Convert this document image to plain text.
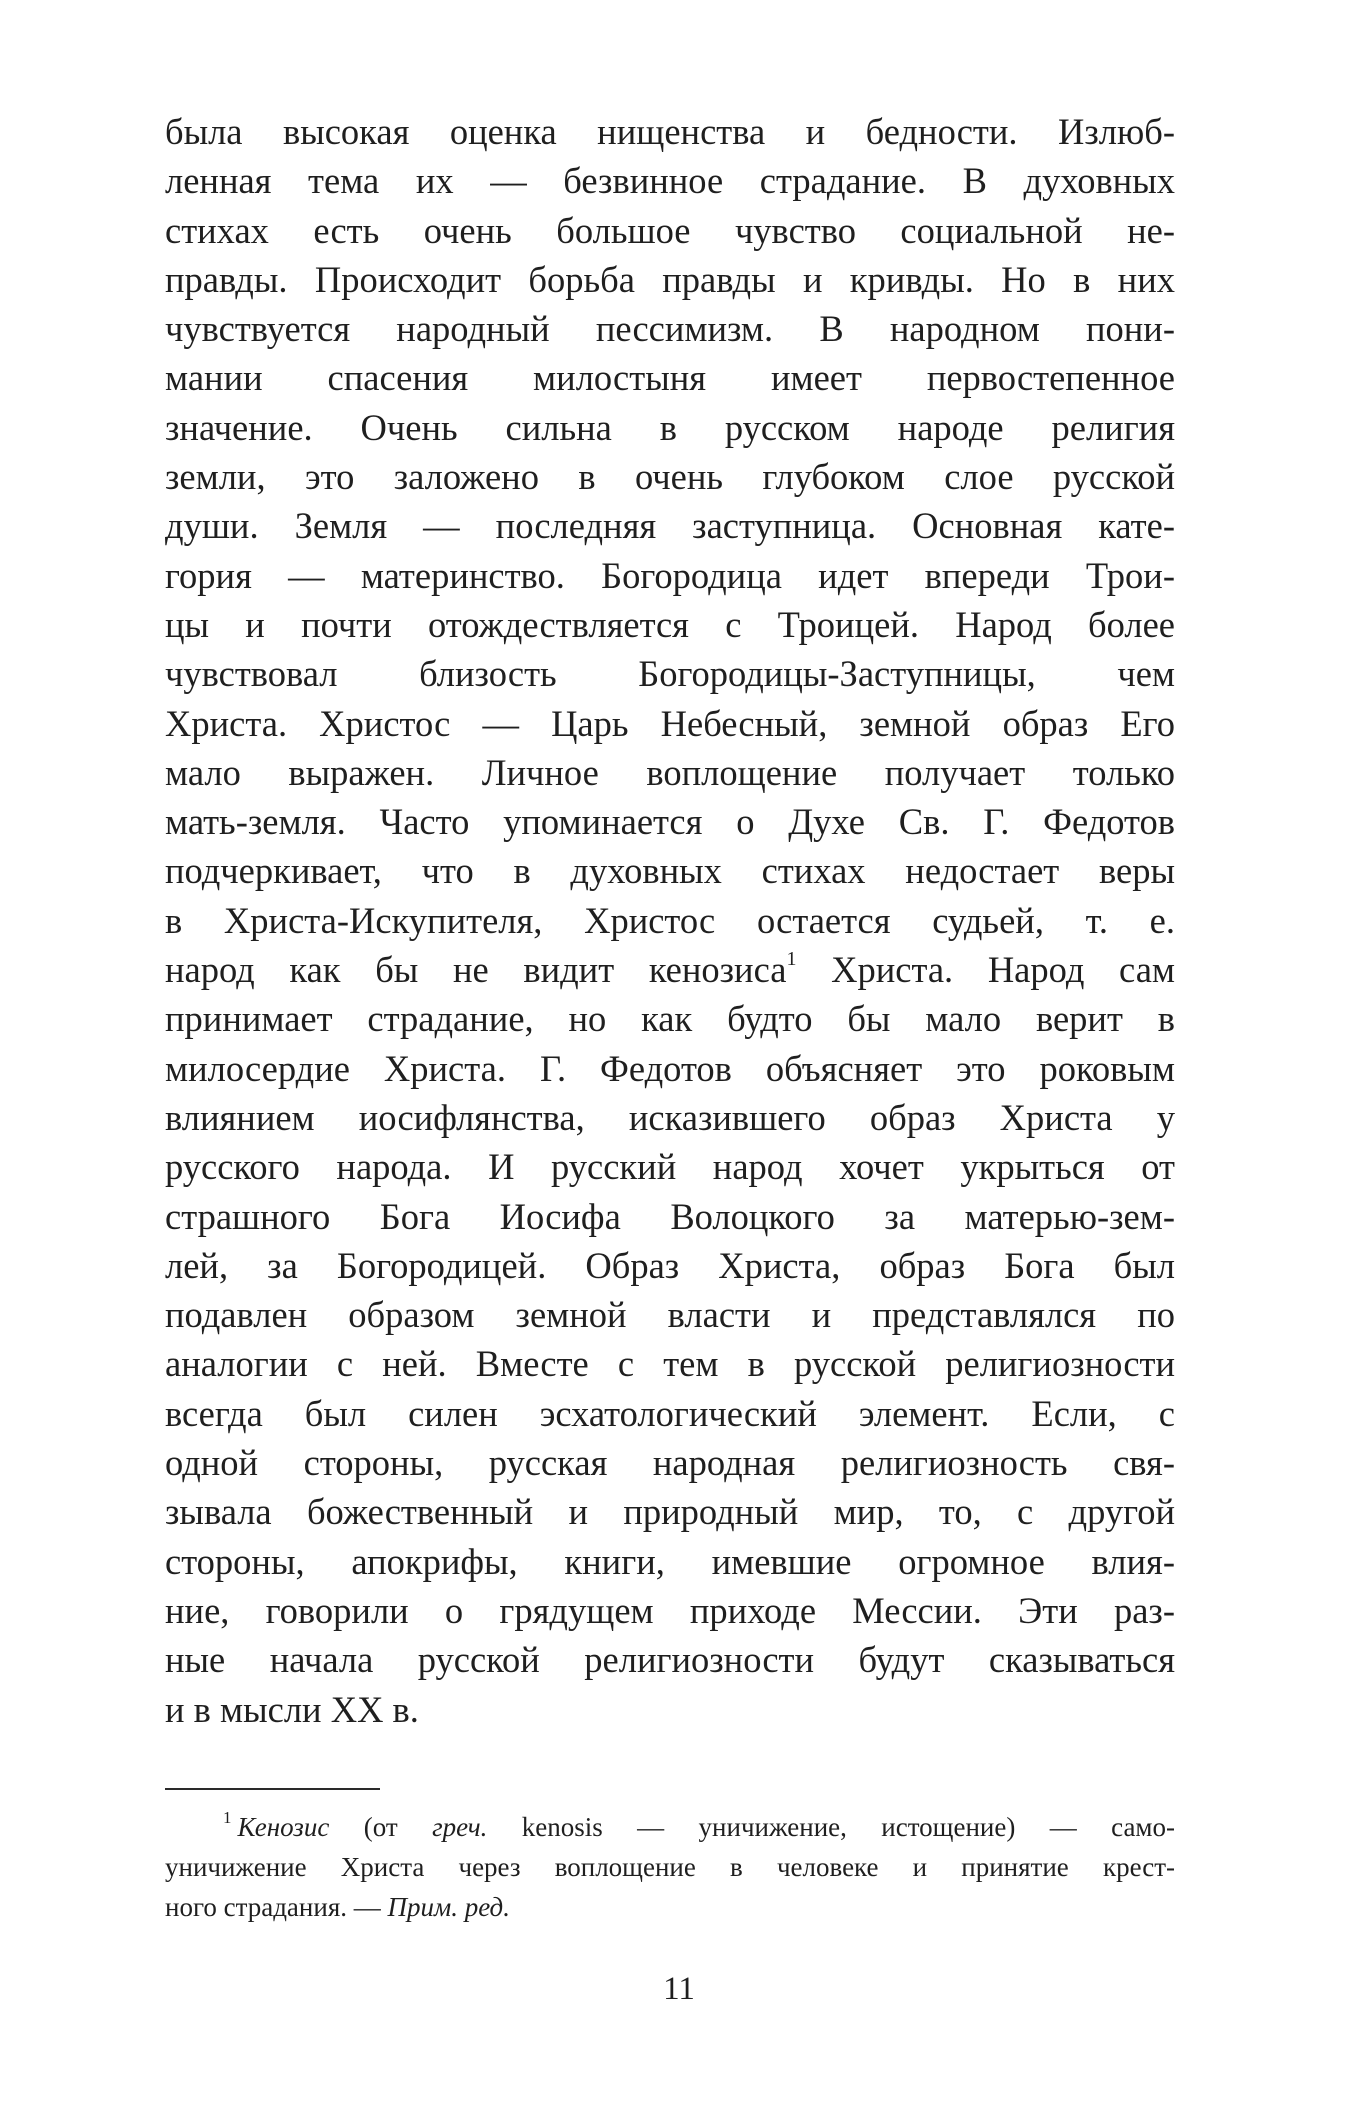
была высокая оценка нищенства и бедности. Излюб-
ленная тема их — безвинное страдание. В духовных
стихах есть очень большое чувство социальной не-
правды. Происходит борьба правды и кривды. Но в них
чувствуется народный пессимизм. В народном пони-
мании спасения милостыня имеет первостепенное
значение. Очень сильна в русском народе религия
земли, это заложено в очень глубоком слое русской
души. Земля — последняя заступница. Основная кате-
гория — материнство. Богородица идет впереди Трои-
цы и почти отождествляется с Троицей. Народ более
чувствовал близость Богородицы-Заступницы, чем
Христа. Христос — Царь Небесный, земной образ Его
мало выражен. Личное воплощение получает только
мать-земля. Часто упоминается о Духе Св. Г. Федотов
подчеркивает, что в духовных стихах недостает веры
в Христа-Искупителя, Христос остается судьей, т. е.
народ как бы не видит кенозиса$^1$ Христа. Народ сам
принимает страдание, но как будто бы мало верит в
милосердие Христа. Г. Федотов объясняет это роковым
влиянием иосифлянства, исказившего образ Христа у
русского народа. И русский народ хочет укрыться от
страшного Бога Иосифа Волоцкого за матерью-зем-
лей, за Богородицей. Образ Христа, образ Бога был
подавлен образом земной власти и представлялся по
аналогии с ней. Вместе с тем в русской религиозности
всегда был силен эсхатологический элемент. Если, с
одной стороны, русская народная религиозность свя-
зывала божественный и природный мир, то, с другой
стороны, апокрифы, книги, имевшие огромное влия-
ние, говорили о грядущем приходе Мессии. Эти раз-
ные начала русской религиозности будут сказываться
и в мысли XX в.
$^1$ Кенозис (от греч. kenosis — уничижение, истощение) — само-
уничижение Христа через воплощение в человеке и принятие крест-
ного страдания. — Прим. ред.
11
